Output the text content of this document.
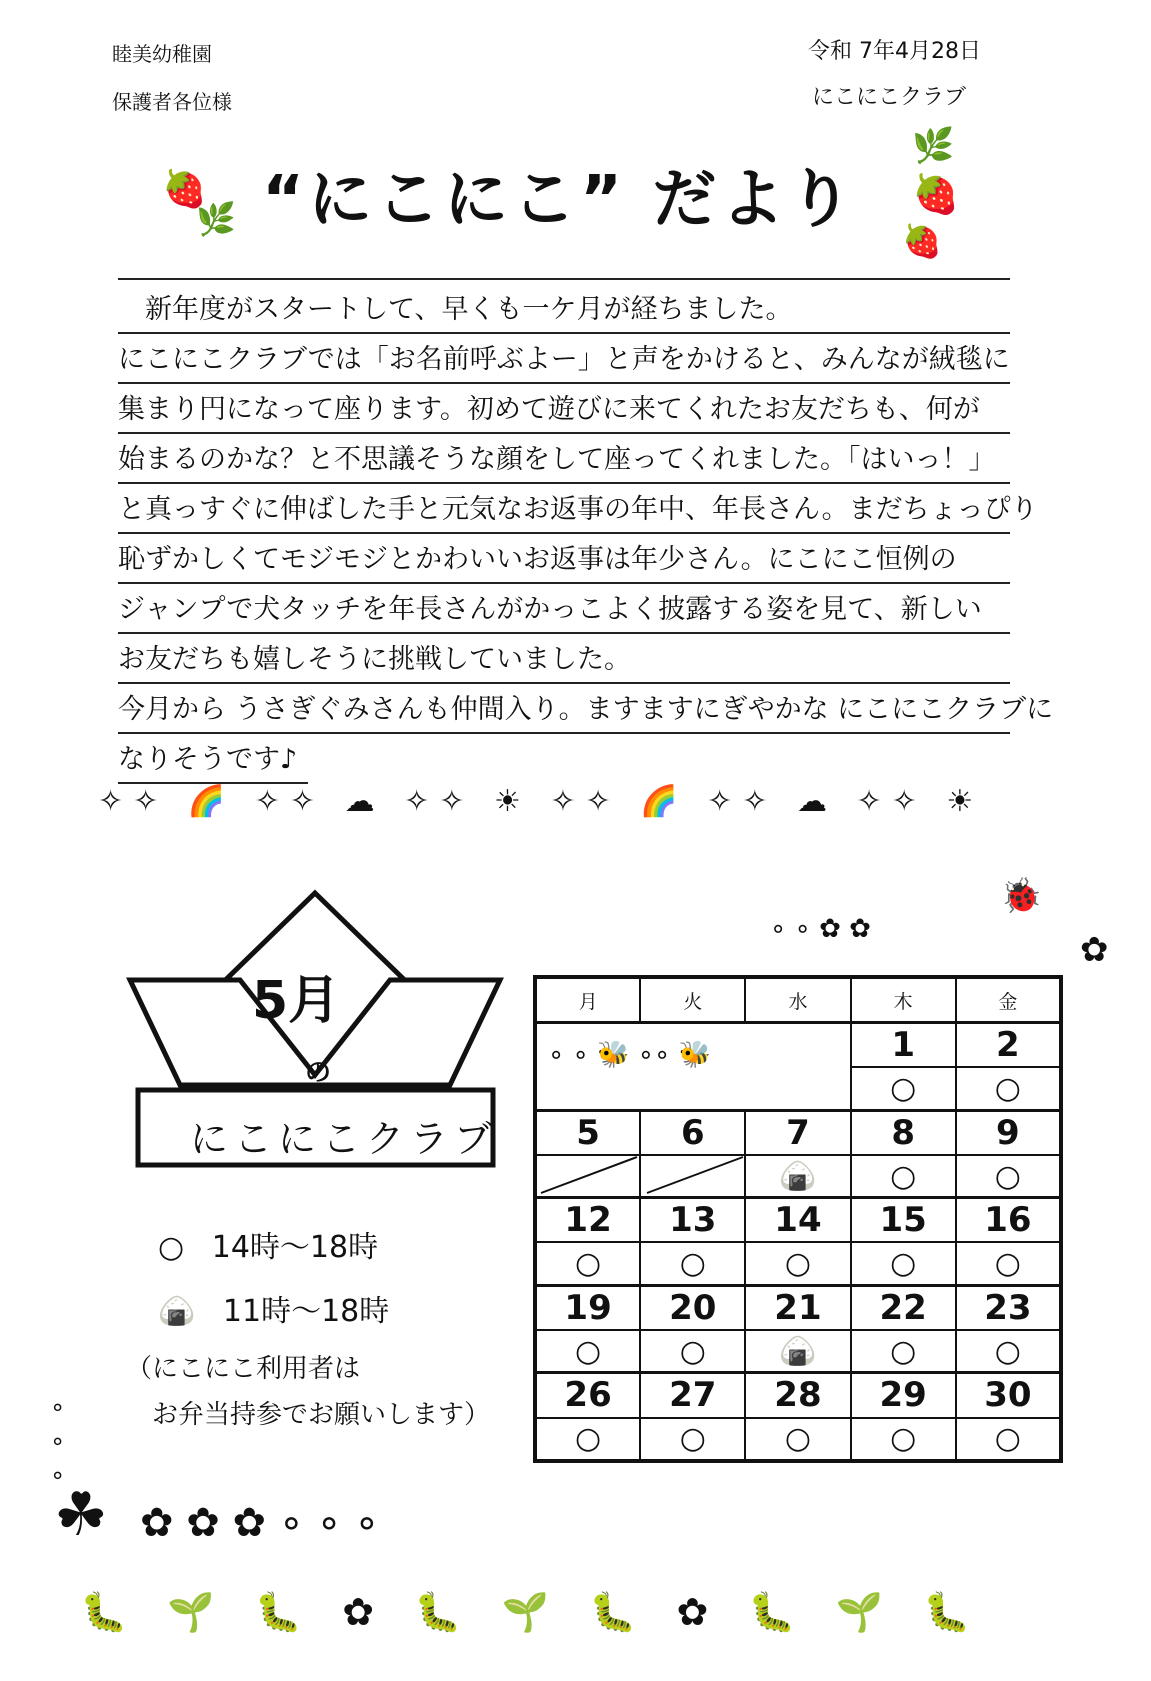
睦美幼稚園
保護者各位様
令和 7年4月28日
にこにこクラブ
🍓
🌿
🌿
🍓
🍓
“にこにこ” だより
　新年度がスタートして、早くも一ケ月が経ちました。
にこにこクラブでは「お名前呼ぶよー」と声をかけると、みんなが絨毯に
集まり円になって座ります。初めて遊びに来てくれたお友だちも、何が
始まるのかな？と不思議そうな顔をして座ってくれました。「はいっ！」
と真っすぐに伸ばした手と元気なお返事の年中、年長さん。まだちょっぴり
恥ずかしくてモジモジとかわいいお返事は年少さん。にこにこ恒例の
ジャンプで犬タッチを年長さんがかっこよく披露する姿を見て、新しい
お友だちも嬉しそうに挑戦していました。
今月から うさぎぐみさんも仲間入り。ますますにぎやかな にこにこクラブに
なりそうです♪
✧✧ 🌈 ✧✧ ☁ ✧✧ ☀ ✧✧ 🌈 ✧✧ ☁ ✧✧ ☀
∘ ∘ ✿ ✿
🐞
✿
5月
の
にこにこクラブ
○ 14時～18時
🍙 11時～18時
（にこにこ利用者は
お弁当持参でお願いします）
月	火	水	木	金
			1	2
			○	○
5	6	7	8	9
		🍙	○	○
12	13	14	15	16
○	○	○	○	○
19	20	21	22	23
○	○	🍙	○	○
26	27	28	29	30
○	○	○	○	○
∘ ∘ 🐝 ∘∘ 🐝
∘
∘
∘
☘ ✿ ✿ ✿ ∘ ∘ ∘
🐛 🌱 🐛 ✿ 🐛 🌱 🐛 ✿ 🐛 🌱 🐛
